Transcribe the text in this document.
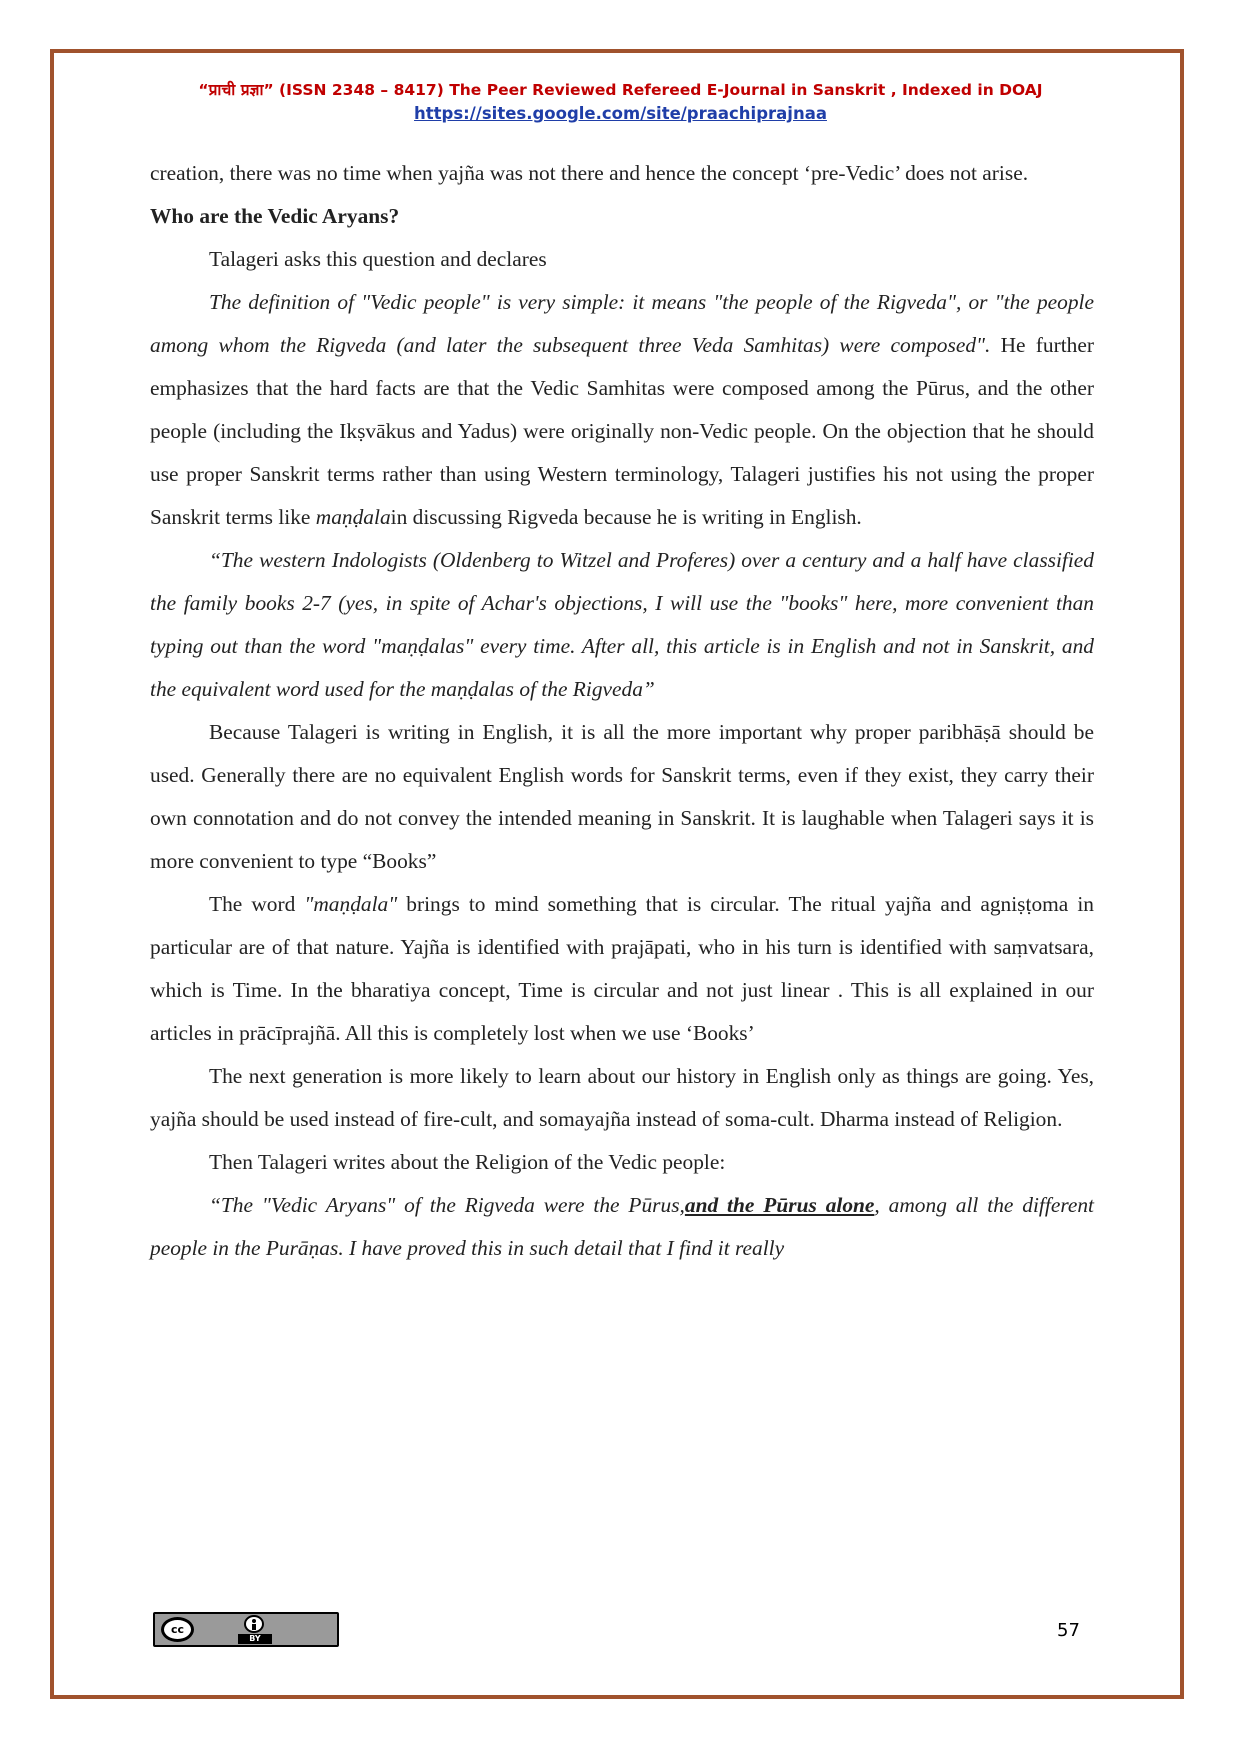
“प्राची प्रज्ञा” (ISSN 2348 – 8417) The Peer Reviewed Refereed E-Journal in Sanskrit , Indexed in DOAJ
https://sites.google.com/site/praachiprajnaa

creation, there was no time when yajña was not there and hence the concept ‘pre-Vedic’ does not arise.

Who are the Vedic Aryans?

Talageri asks this question and declares

The definition of "Vedic people" is very simple: it means "the people of the Rigveda", or "the people among whom the Rigveda (and later the subsequent three Veda Samhitas) were composed". He further emphasizes that the hard facts are that the Vedic Samhitas were composed among the Pūrus, and the other people (including the Ikṣvākus and Yadus) were originally non-Vedic people. On the objection that he should use proper Sanskrit terms rather than using Western terminology, Talageri justifies his not using the proper Sanskrit terms like maṇḍalain discussing Rigveda because he is writing in English.

“The western Indologists (Oldenberg to Witzel and Proferes) over a century and a half have classified the family books 2-7 (yes, in spite of Achar's objections, I will use the "books" here, more convenient than typing out than the word "maṇḍalas" every time. After all, this article is in English and not in Sanskrit, and the equivalent word used for the maṇḍalas of the Rigveda”

Because Talageri is writing in English, it is all the more important why proper paribhāṣā should be used. Generally there are no equivalent English words for Sanskrit terms, even if they exist, they carry their own connotation and do not convey the intended meaning in Sanskrit. It is laughable when Talageri says it is more convenient to type “Books”

The word "maṇḍala" brings to mind something that is circular. The ritual yajña and agniṣṭoma in particular are of that nature. Yajña is identified with prajāpati, who in his turn is identified with saṃvatsara, which is Time. In the bharatiya concept, Time is circular and not just linear . This is all explained in our articles in prācīprajñā. All this is completely lost when we use ‘Books’

The next generation is more likely to learn about our history in English only as things are going. Yes, yajña should be used instead of fire-cult, and somayajña instead of soma-cult. Dharma instead of Religion.

Then Talageri writes about the Religion of the Vedic people:

“The "Vedic Aryans" of the Rigveda were the Pūrus,and the Pūrus alone, among all the different people in the Purāṇas. I have proved this in such detail that I find it really

cc
BY	57
